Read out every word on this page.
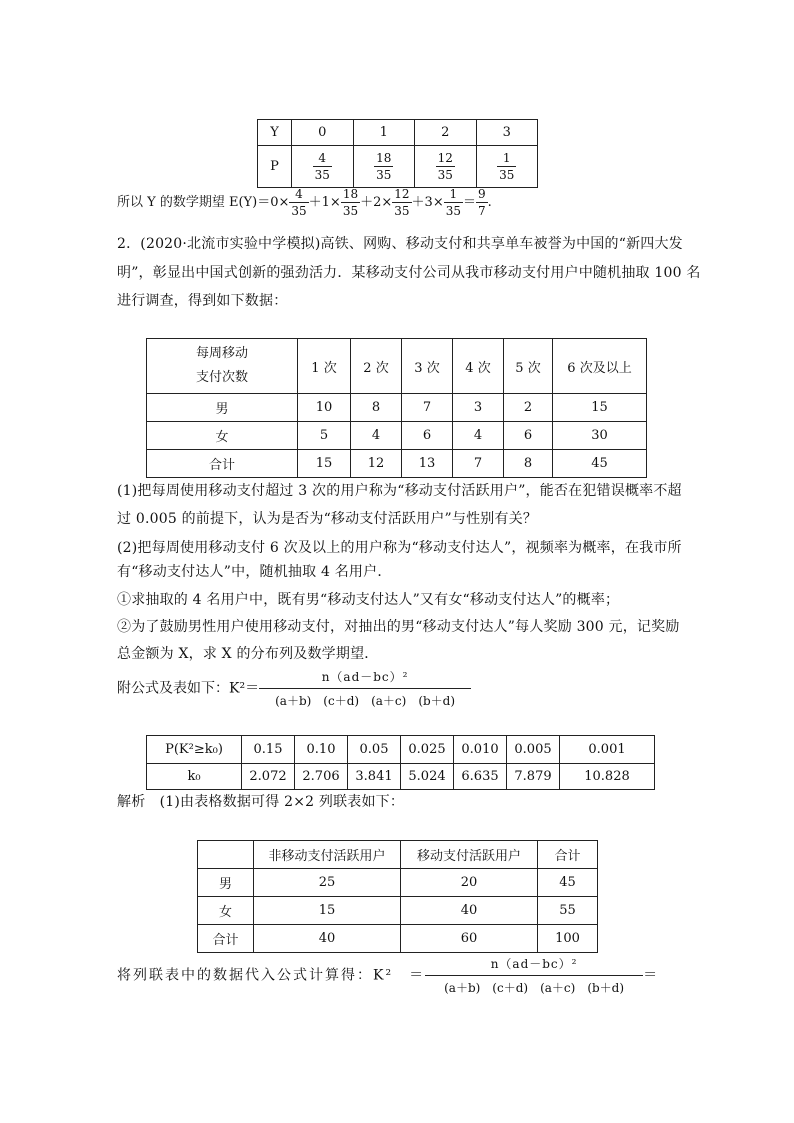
Y	0	1	2	3
P	$\frac{4}{35}$	$\frac{18}{35}$	$\frac{12}{35}$	$\frac{1}{35}$
所以 Y 的数学期望 $E(Y)=0\times \frac{4}{35} +1\times \frac{18}{35} +2\times \frac{12}{35} +3\times \frac{1}{35} = \frac{9}{7}$ .
2．(2020·北流市实验中学模拟)高铁、网购、移动支付和共享单车被誉为中国的“新四大发
明”，彰显出中国式创新的强劲活力．某移动支付公司从我市移动支付用户中随机抽取 100 名
进行调查，得到如下数据：
每周移动
支付次数	1 次	2 次	3 次	4 次	5 次	6 次及以上
男	10	8	7	3	2	15
女	5	4	6	4	6	30
合计	15	12	13	7	8	45
(1)把每周使用移动支付超过 3 次的用户称为“移动支付活跃用户”，能否在犯错误概率不超
过 0.005 的前提下，认为是否为“移动支付活跃用户”与性别有关？
(2)把每周使用移动支付 6 次及以上的用户称为“移动支付达人”，视频率为概率，在我市所
有“移动支付达人”中，随机抽取 4 名用户．
①求抽取的 4 名用户中，既有男“移动支付达人”又有女“移动支付达人”的概率；
②为了鼓励男性用户使用移动支付，对抽出的男“移动支付达人”每人奖励 300 元，记奖励
总金额为 X，求 X 的分布列及数学期望．
附公式及表如下：$K^2= \frac{\text{n（ad－bc）²}}{(a+b) (c+d) (a+c) (b+d)}$
P(K²≥k₀)	0.15	0.10	0.05	0.025	0.010	0.005	0.001
k₀	2.072	2.706	3.841	5.024	6.635	7.879	10.828
解析　(1)由表格数据可得 2×2 列联表如下：
	非移动支付活跃用户	移动支付活跃用户	合计
男	25	20	45
女	15	40	55
合计	40	60	100
将列联表中的数据代入公式计算得：K²　＝ $\frac{\text{n（ad－bc）²}}{(a+b) (c+d) (a+c) (b+d)}$ ＝
